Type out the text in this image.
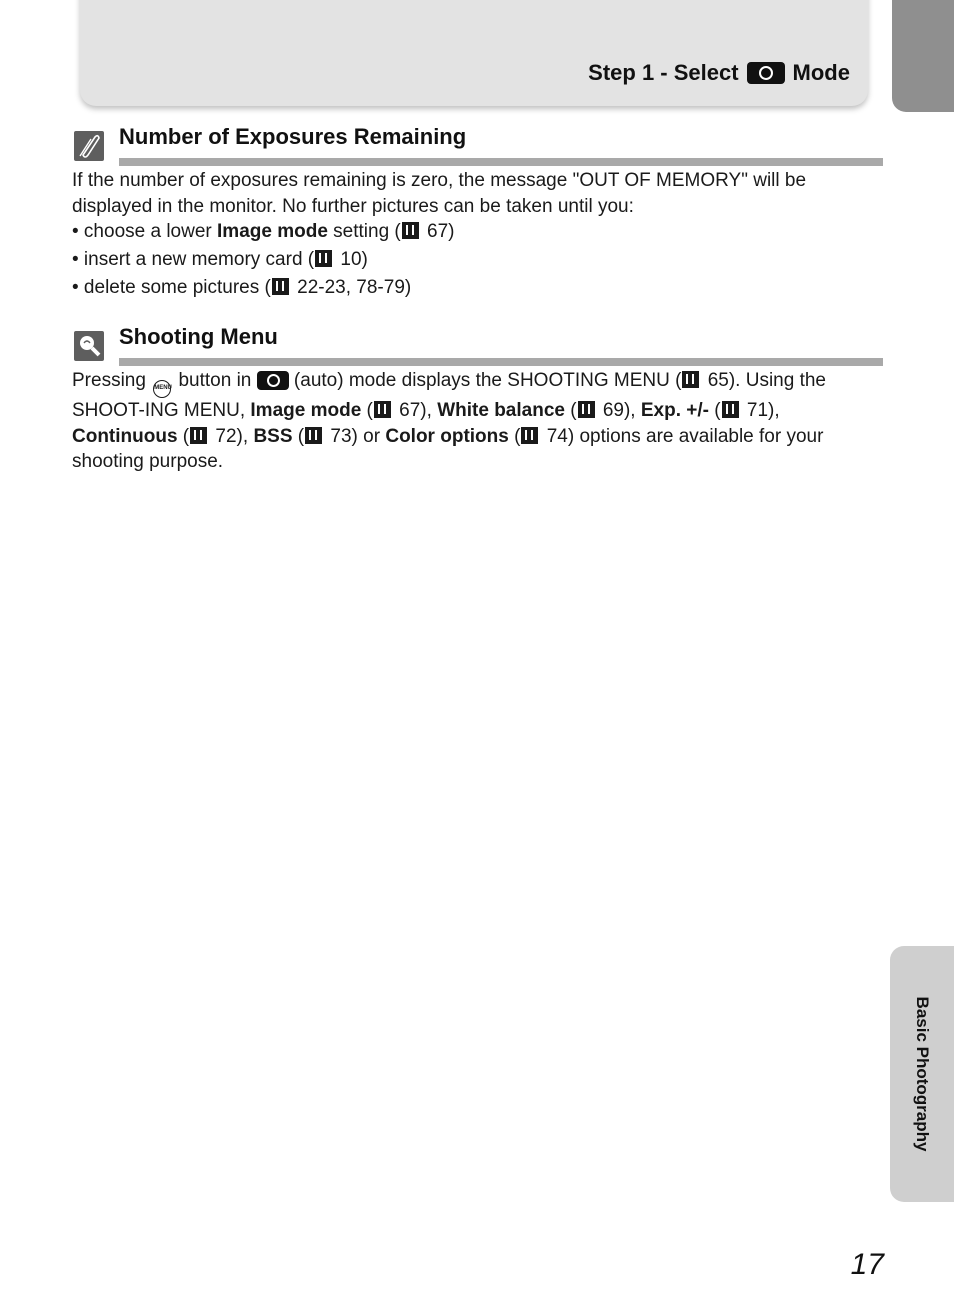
Step 1 - Select Mode
Number of Exposures Remaining
If the number of exposures remaining is zero, the message "OUT OF MEMORY" will be displayed in the monitor. No further pictures can be taken until you:
• choose a lower Image mode setting ( 67)
• insert a new memory card ( 10)
• delete some pictures ( 22-23, 78-79)
Shooting Menu
Pressing MENU button in  (auto) mode displays the SHOOTING MENU ( 65). Using the SHOOT-ING MENU, Image mode ( 67), White balance ( 69), Exp. +/- ( 71), Continuous ( 72), BSS ( 73) or Color options ( 74) options are available for your shooting purpose.
Basic Photography
17
